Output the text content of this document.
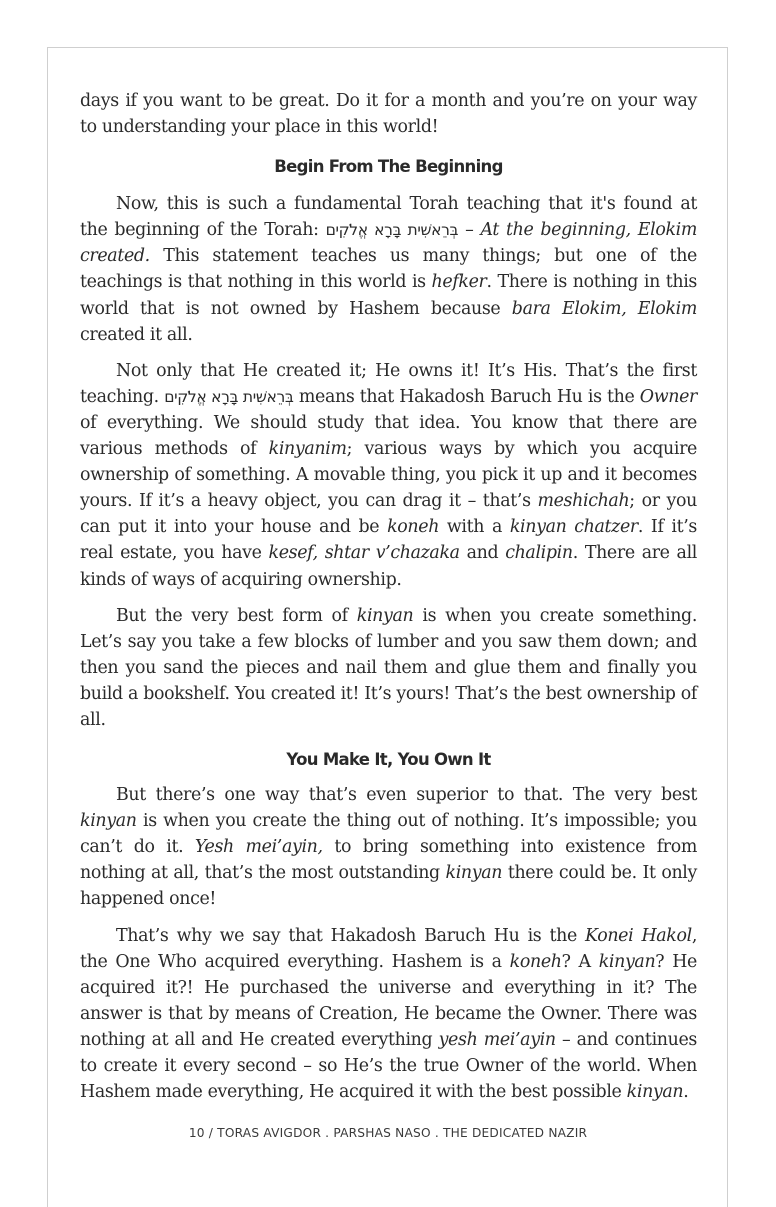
days if you want to be great. Do it for a month and you’re on your way to understanding your place in this world!

Begin From The Beginning

Now, this is such a fundamental Torah teaching that it's found at the beginning of the Torah: בְּרֵאשִׁית בָּרָא אֱלֹקִים – At the beginning, Elokim created. This statement teaches us many things; but one of the teachings is that nothing in this world is hefker. There is nothing in this world that is not owned by Hashem because bara Elokim, Elokim created it all.

Not only that He created it; He owns it! It’s His. That’s the first teaching. בְּרֵאשִׁית בָּרָא אֱלֹקִים means that Hakadosh Baruch Hu is the Owner of everything. We should study that idea. You know that there are various methods of kinyanim; various ways by which you acquire ownership of something. A movable thing, you pick it up and it becomes yours. If it’s a heavy object, you can drag it – that’s meshichah; or you can put it into your house and be koneh with a kinyan chatzer. If it’s real estate, you have kesef, shtar v’chazaka and chalipin. There are all kinds of ways of acquiring ownership.

But the very best form of kinyan is when you create something. Let’s say you take a few blocks of lumber and you saw them down; and then you sand the pieces and nail them and glue them and finally you build a bookshelf. You created it! It’s yours! That’s the best ownership of all.

You Make It, You Own It

But there’s one way that’s even superior to that. The very best kinyan is when you create the thing out of nothing. It’s impossible; you can’t do it. Yesh mei’ayin, to bring something into existence from nothing at all, that’s the most outstanding kinyan there could be. It only happened once!

That’s why we say that Hakadosh Baruch Hu is the Konei Hakol, the One Who acquired everything. Hashem is a koneh? A kinyan? He acquired it?! He purchased the universe and everything in it? The answer is that by means of Creation, He became the Owner. There was nothing at all and He created everything yesh mei’ayin – and continues to create it every second – so He’s the true Owner of the world. When Hashem made everything, He acquired it with the best possible kinyan.

10 / TORAS AVIGDOR . PARSHAS NASO . THE DEDICATED NAZIR
